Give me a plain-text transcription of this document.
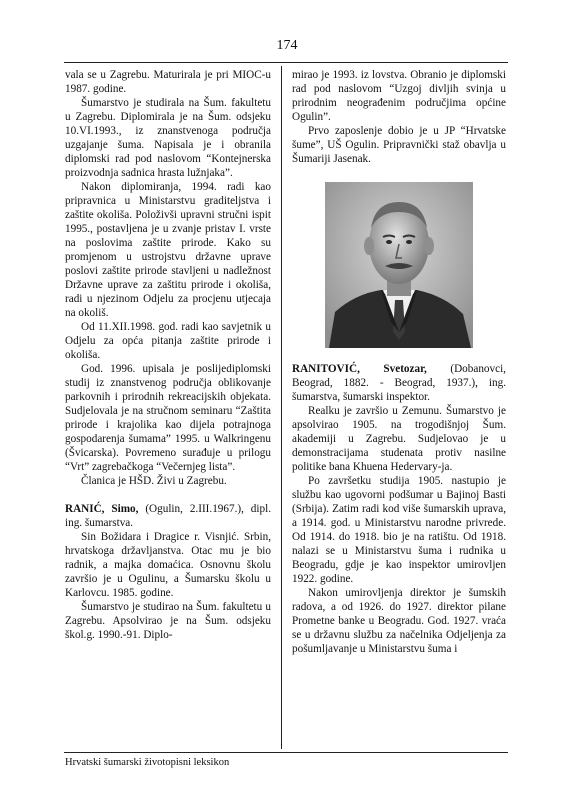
174

vala se u Zagrebu. Maturirala je pri MIOC-u 1987. godine.

Šumarstvo je studirala na Šum. fakultetu u Zagrebu. Diplomirala je na Šum. odsjeku 10.VI.1993., iz znanstvenoga područja uzgajanje šuma. Napisala je i obranila diplomski rad pod naslovom “Kontejnerska proizvodnja sadnica hrasta lužnjaka”.

Nakon diplomiranja, 1994. radi kao pripravnica u Ministarstvu graditeljstva i zaštite okoliša. Položivši upravni stručni ispit 1995., postavljena je u zvanje pristav I. vrste na poslovima zaštite prirode. Kako su promjenom u ustrojstvu državne uprave poslovi zaštite prirode stavljeni u nadležnost Državne uprave za zaštitu prirode i okoliša, radi u njezinom Odjelu za procjenu utjecaja na okoliš.

Od 11.XII.1998. god. radi kao savjetnik u Odjelu za opća pitanja zaštite prirode i okoliša.

God. 1996. upisala je poslijediplomski studij iz znanstvenog područja oblikovanje parkovnih i prirodnih rekreacijskih objekata. Sudjelovala je na stručnom seminaru “Zaštita prirode i krajolika kao dijela potrajnoga gospodarenja šumama” 1995. u Walkringenu (Švicarska). Povremeno surađuje u prilogu “Vrt” zagrebačkoga “Večernjeg lista”.

Članica je HŠD. Živi u Zagrebu.

RANIĆ, Simo, (Ogulin, 2.III.1967.), dipl. ing. šumarstva.

Sin Božidara i Dragice r. Visnjić. Srbin, hrvatskoga državljanstva. Otac mu je bio radnik, a majka domaćica. Osnovnu školu završio je u Ogulinu, a Šumarsku školu u Karlovcu. 1985. godine.

Šumarstvo je studirao na Šum. fakultetu u Zagrebu. Apsolvirao je na Šum. odsjeku škol.g. 1990.-91. Diplo-

mirao je 1993. iz lovstva. Obranio je diplomski rad pod naslovom “Uzgoj divljih svinja u prirodnim neograđenim područjima općine Ogulin”.

Prvo zaposlenje dobio je u JP “Hrvatske šume”, UŠ Ogulin. Pripravnički staž obavlja u Šumariji Jasenak.

RANITOVIĆ, Svetozar, (Dobanovci, Beograd, 1882. - Beograd, 1937.), ing. šumarstva, šumarski inspektor.

Realku je završio u Zemunu. Šumarstvo je apsolvirao 1905. na trogodišnjoj Šum. akademiji u Zagrebu. Sudjelovao je u demonstracijama studenata protiv nasilne politike bana Khuena Hedervary-ja.

Po završetku studija 1905. nastupio je službu kao ugovorni podšumar u Bajinoj Basti (Srbija). Zatim radi kod više šumarskih uprava, a 1914. god. u Ministarstvu narodne privrede. Od 1914. do 1918. bio je na ratištu. Od 1918. nalazi se u Ministarstvu šuma i rudnika u Beogradu, gdje je kao inspektor umirovljen 1922. godine.

Nakon umirovljenja direktor je šumskih radova, a od 1926. do 1927. direktor pilane Prometne banke u Beogradu. God. 1927. vraća se u državnu službu za načelnika Odjeljenja za pošumljavanje u Ministarstvu šuma i

Hrvatski šumarski životopisni leksikon
